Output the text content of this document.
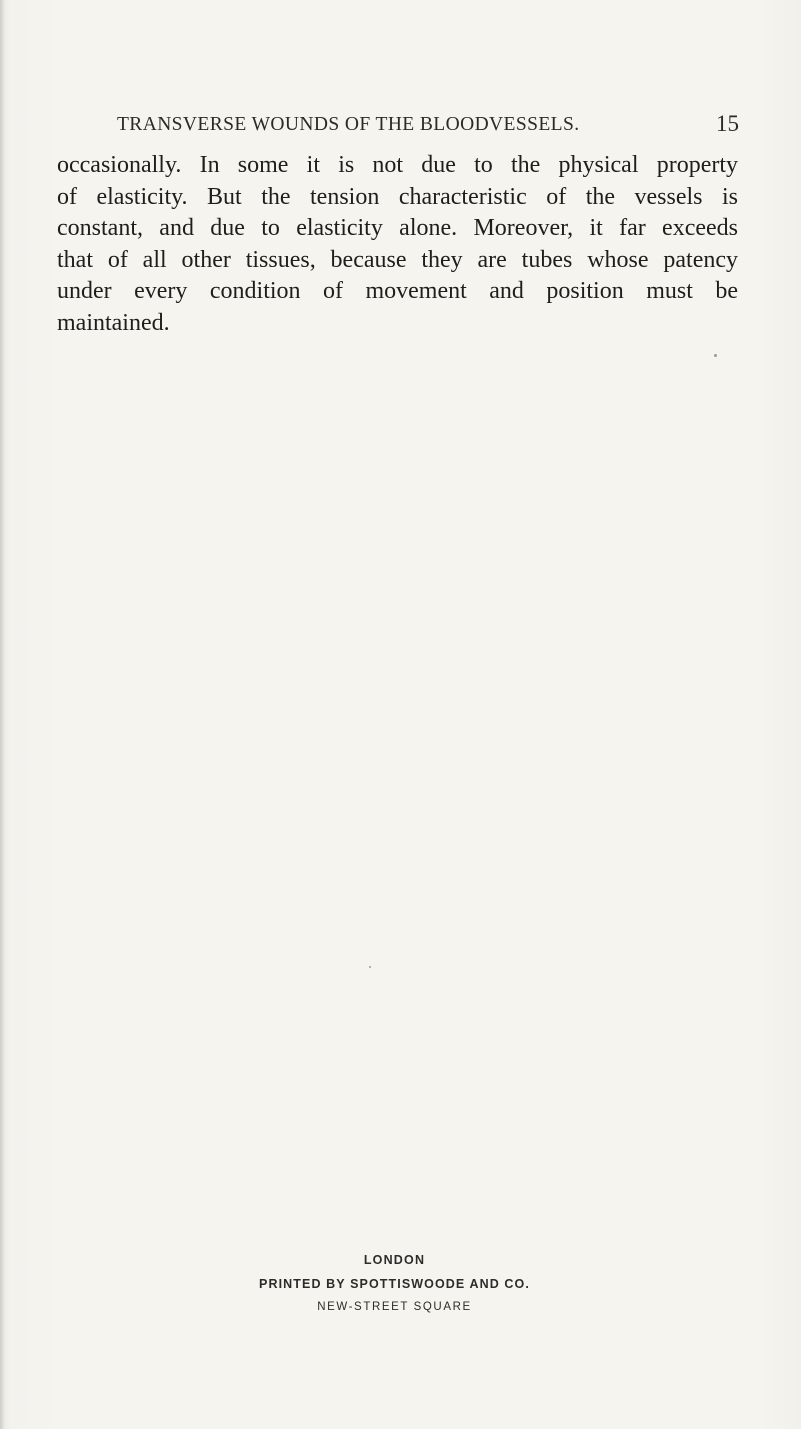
TRANSVERSE WOUNDS OF THE BLOODVESSELS.	15

occasionally. In some it is not due to the physical property
of elasticity. But the tension characteristic of the vessels is
constant, and due to elasticity alone. Moreover, it far exceeds
that of all other tissues, because they are tubes whose patency
under every condition of movement and position must be
maintained.

LONDON
PRINTED BY SPOTTISWOODE AND CO.
NEW-STREET SQUARE
